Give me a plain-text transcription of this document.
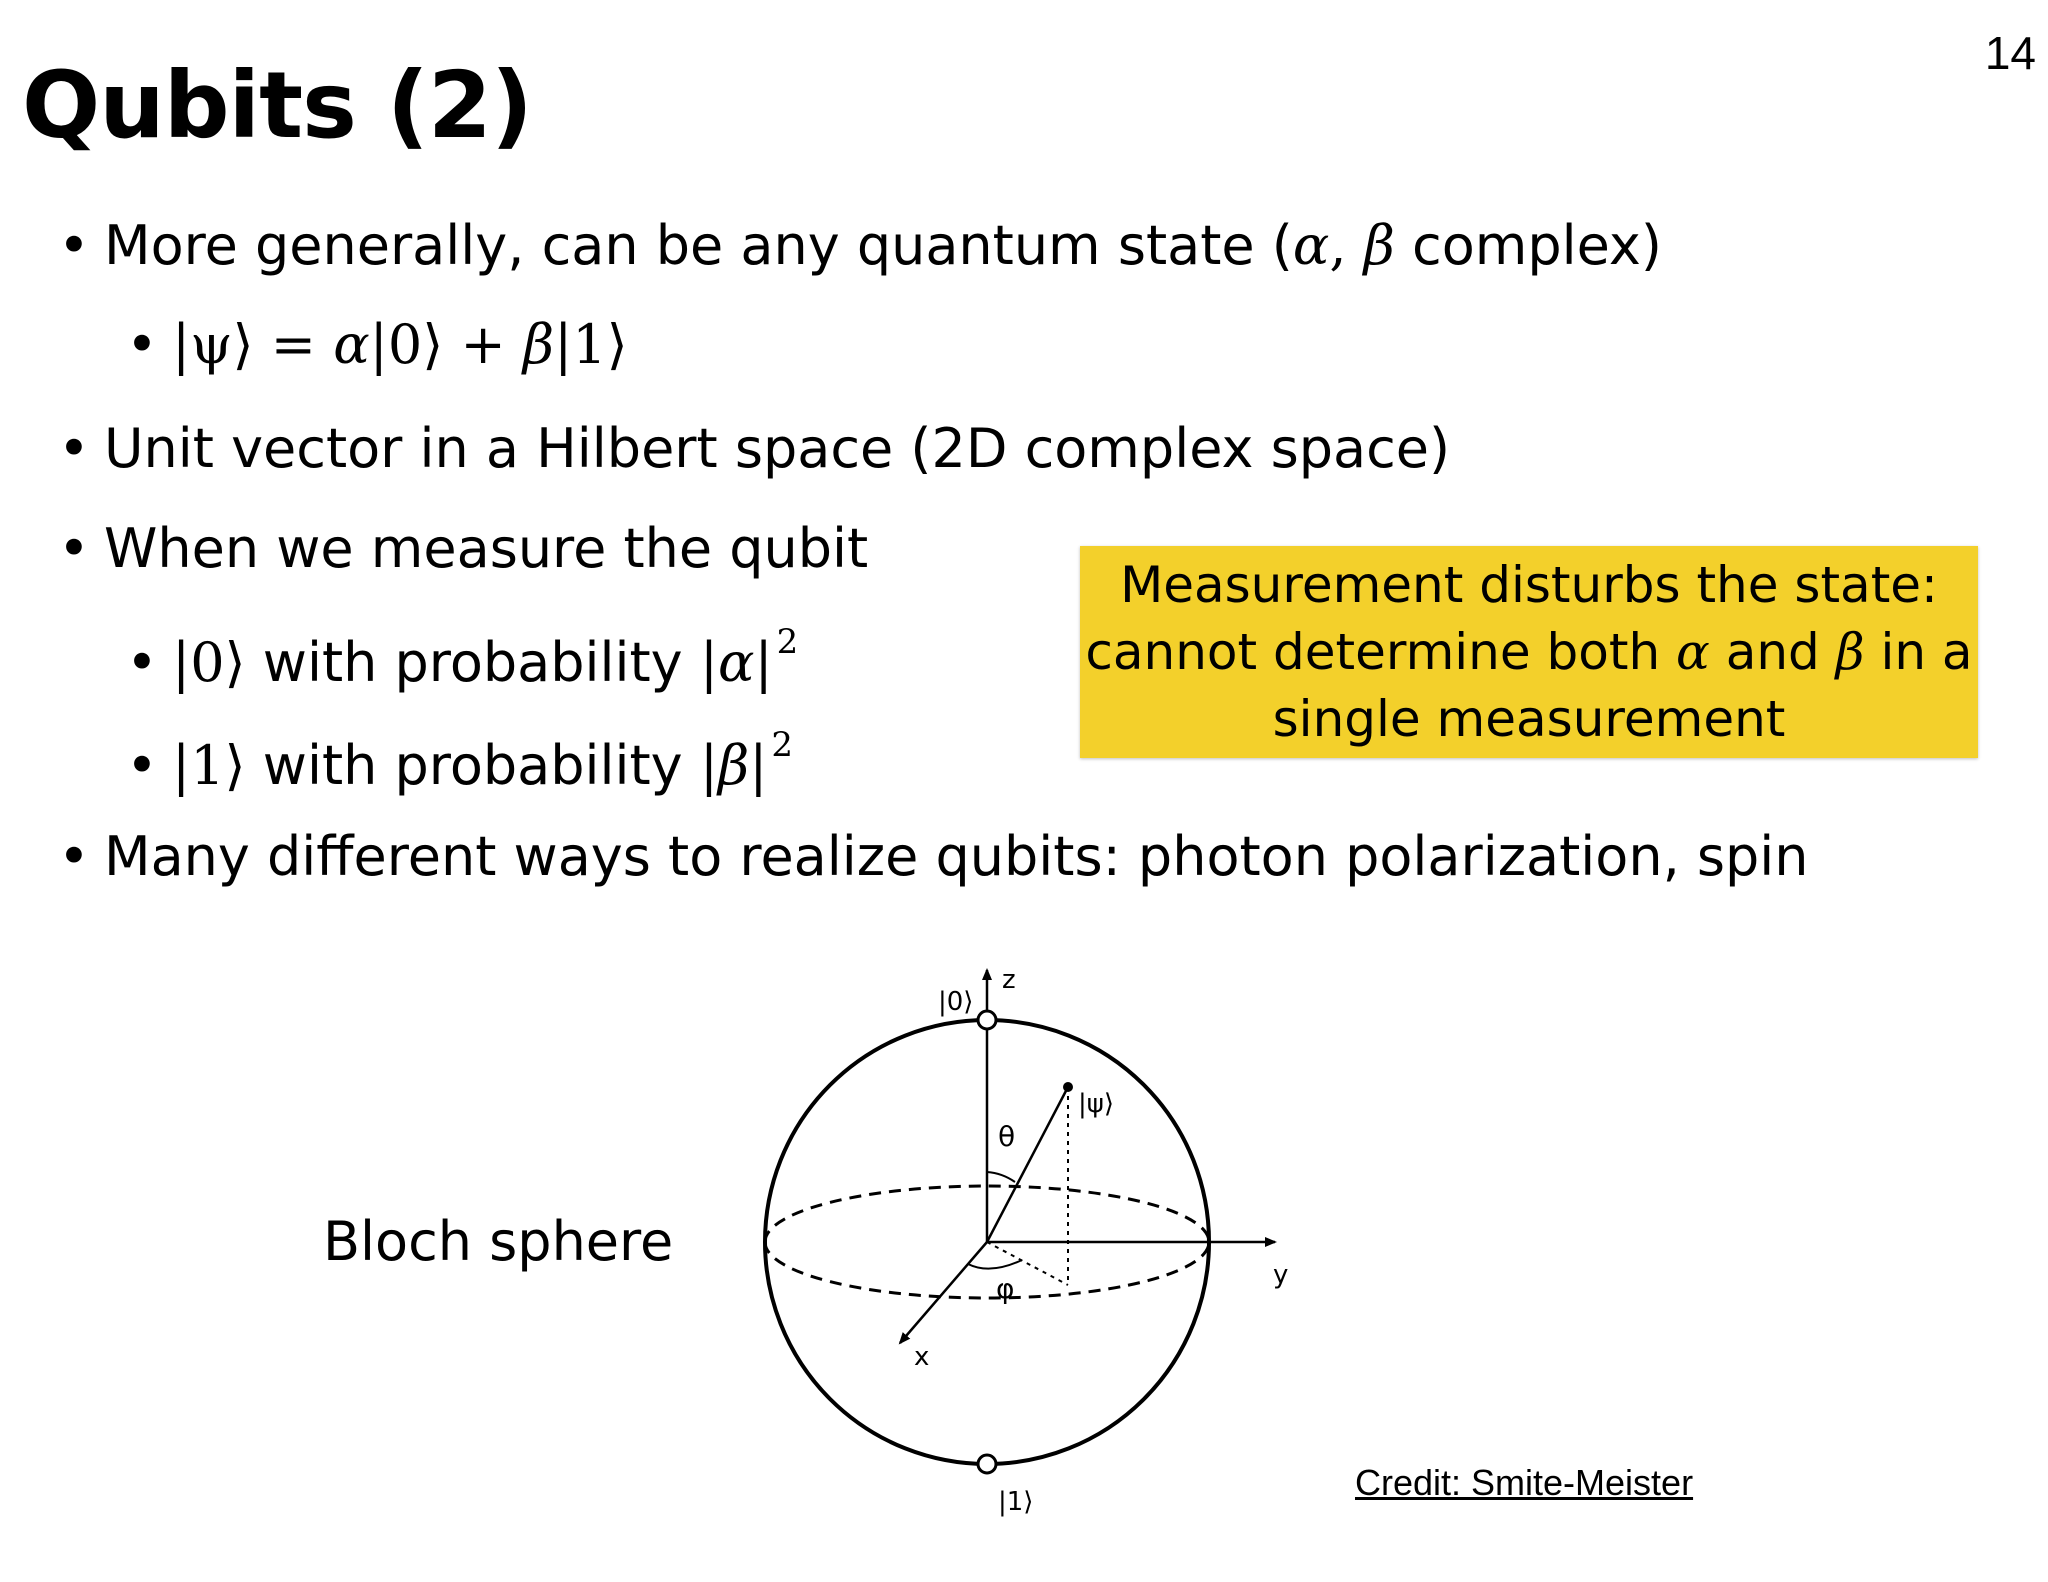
14
Qubits (2)
• More generally, can be any quantum state (α, β complex)
• |ψ⟩ = α|0⟩ + β|1⟩
• Unit vector in a Hilbert space (2D complex space)
• When we measure the qubit
• |0⟩ with probability |α| $^2$
• |1⟩ with probability |β| $^2$
• Many different ways to realize qubits: photon polarization, spin
Measurement disturbs the state:
cannot determine both α and β in a
single measurement
Bloch sphere
|0⟩
z
|ψ⟩
θ
φ	y
x
|1⟩	Credit: Smite-Meister
